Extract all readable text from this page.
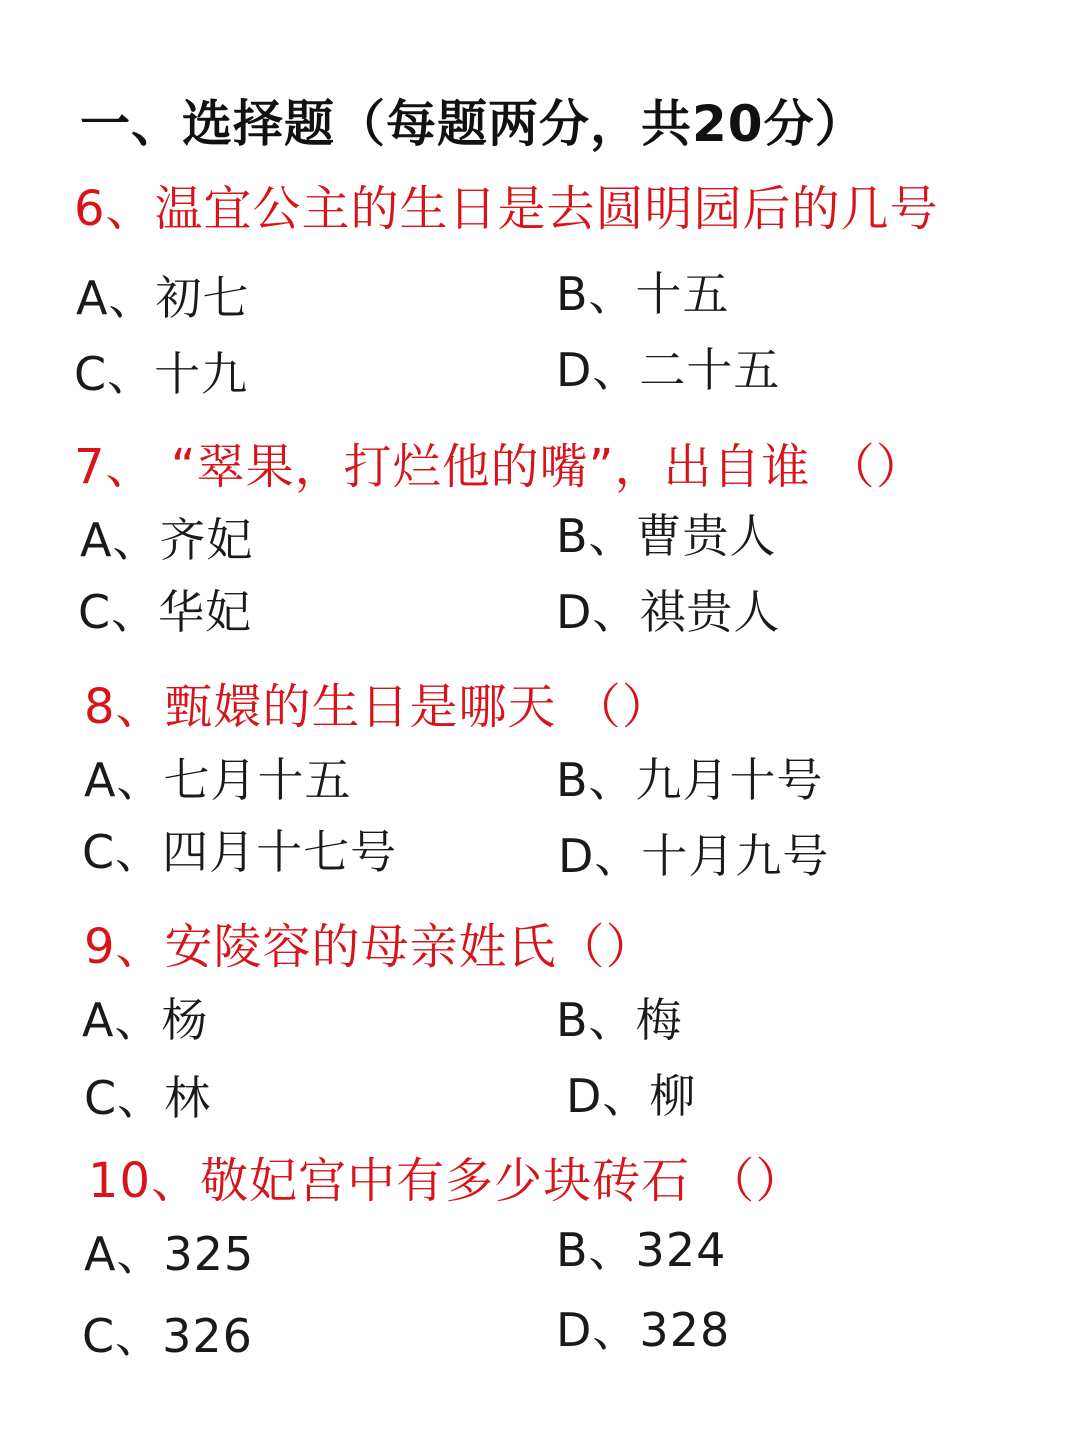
一、选择题（每题两分，共20分）
6、温宜公主的生日是去圆明园后的几号
A、初七	B、十五
C、十九	D、二十五
7、 “翠果，打烂他的嘴”，出自谁 （）
A、齐妃	B、曹贵人
C、华妃	D、祺贵人
8、甄嬛的生日是哪天 （）
A、七月十五	B、九月十号
C、四月十七号	D、十月九号
9、安陵容的母亲姓氏（）
A、杨	B、梅
C、林	D、柳
10、敬妃宫中有多少块砖石 （）
A、325	B、324
C、326	D、328
